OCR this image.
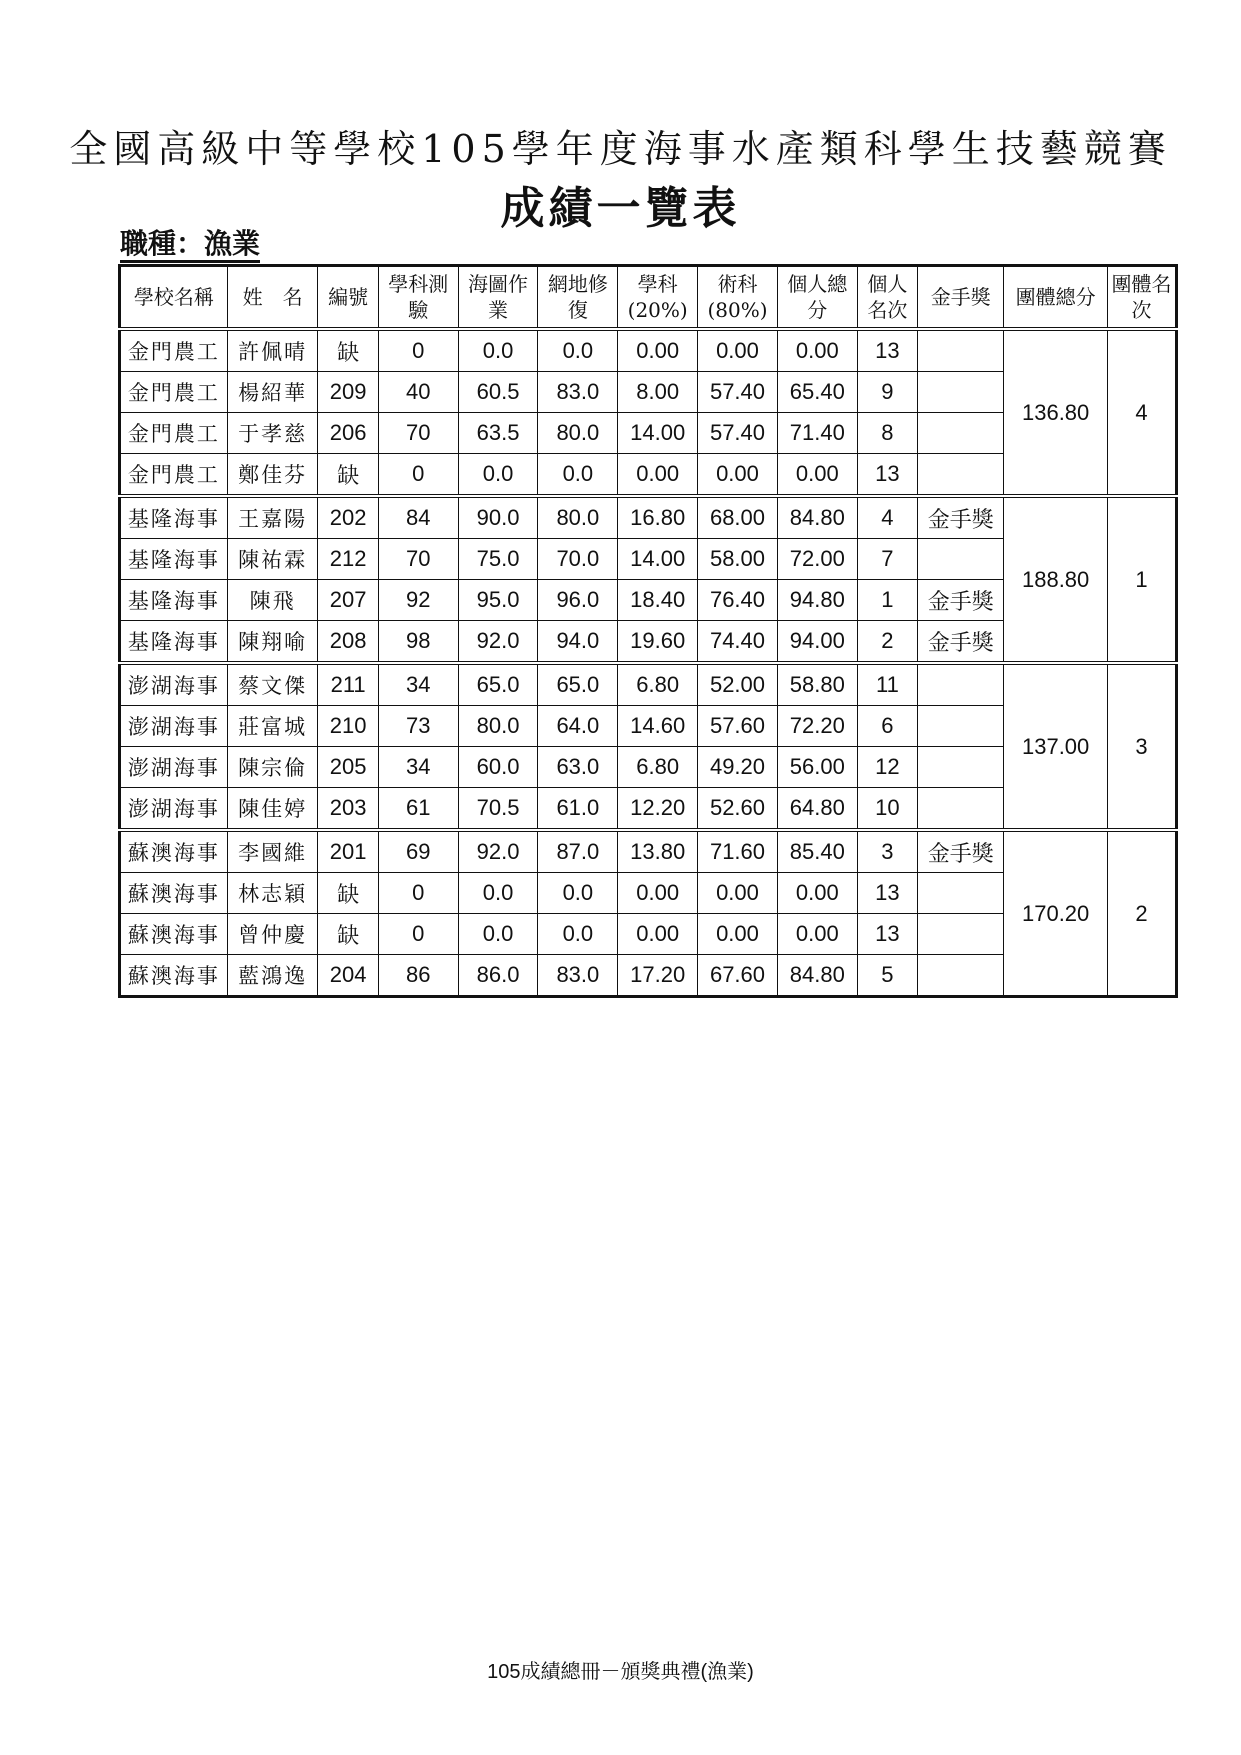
全國高級中等學校105學年度海事水產類科學生技藝競賽
成績一覽表
職種：漁業
學校名稱	姓　名	編號	學科測驗	海圖作業	網地修復	學科(20%)	術科(80%)	個人總分	個人名次	金手獎	團體總分	團體名次
金門農工	許佩晴	缺	0	0.0	0.0	0.00	0.00	0.00	13		136.80	4
金門農工	楊紹華	209	40	60.5	83.0	8.00	57.40	65.40	9			
金門農工	于孝慈	206	70	63.5	80.0	14.00	57.40	71.40	8			
金門農工	鄭佳芬	缺	0	0.0	0.0	0.00	0.00	0.00	13			
基隆海事	王嘉陽	202	84	90.0	80.0	16.80	68.00	84.80	4	金手獎	188.80	1
基隆海事	陳祐霖	212	70	75.0	70.0	14.00	58.00	72.00	7			
基隆海事	陳飛	207	92	95.0	96.0	18.40	76.40	94.80	1	金手獎		
基隆海事	陳翔喻	208	98	92.0	94.0	19.60	74.40	94.00	2	金手獎		
澎湖海事	蔡文傑	211	34	65.0	65.0	6.80	52.00	58.80	11		137.00	3
澎湖海事	莊富城	210	73	80.0	64.0	14.60	57.60	72.20	6			
澎湖海事	陳宗倫	205	34	60.0	63.0	6.80	49.20	56.00	12			
澎湖海事	陳佳婷	203	61	70.5	61.0	12.20	52.60	64.80	10			
蘇澳海事	李國維	201	69	92.0	87.0	13.80	71.60	85.40	3	金手獎	170.20	2
蘇澳海事	林志穎	缺	0	0.0	0.0	0.00	0.00	0.00	13			
蘇澳海事	曾仲慶	缺	0	0.0	0.0	0.00	0.00	0.00	13			
蘇澳海事	藍鴻逸	204	86	86.0	83.0	17.20	67.60	84.80	5			
105成績總冊－頒獎典禮(漁業)
